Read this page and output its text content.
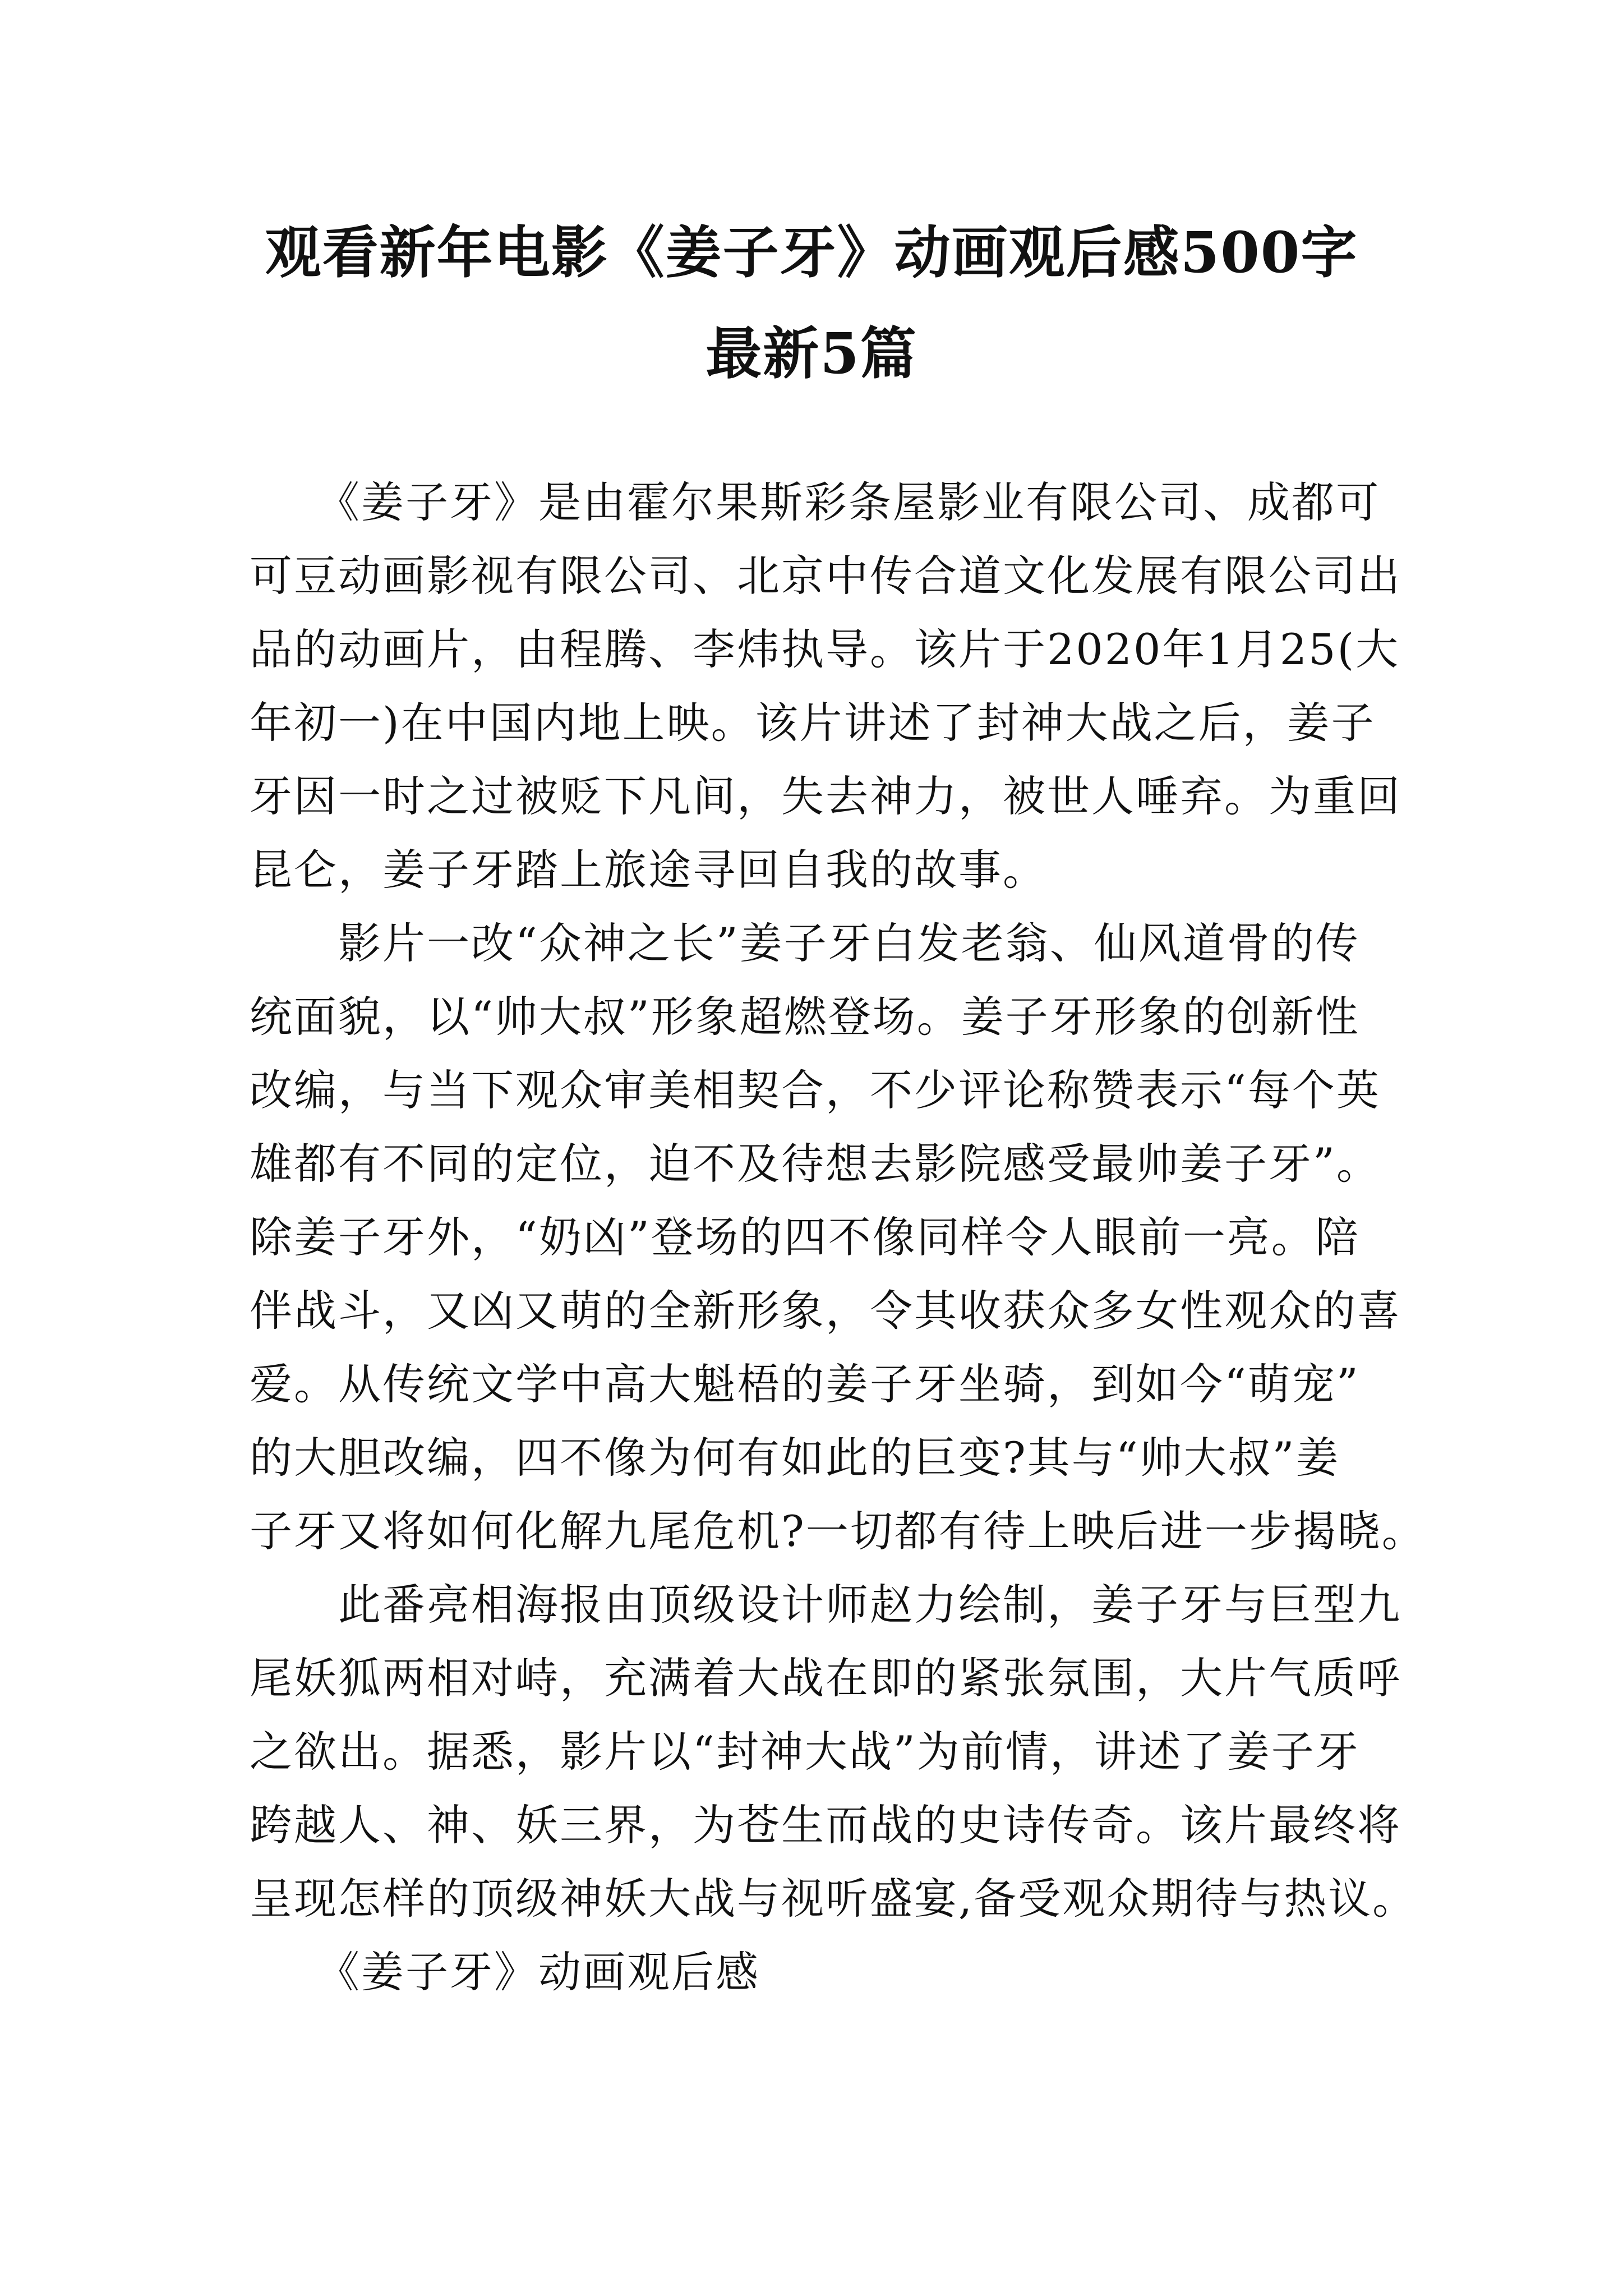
观看新年电影《姜子牙》动画观后感500字
最新5篇
　　《姜子牙》是由霍尔果斯彩条屋影业有限公司、成都可
可豆动画影视有限公司、北京中传合道文化发展有限公司出
品的动画片，由程腾、李炜执导。该片于2020年1月25(大
年初一)在中国内地上映。该片讲述了封神大战之后，姜子
牙因一时之过被贬下凡间，失去神力，被世人唾弃。为重回
昆仑，姜子牙踏上旅途寻回自我的故事。
　　影片一改“众神之长”姜子牙白发老翁、仙风道骨的传
统面貌，以“帅大叔”形象超燃登场。姜子牙形象的创新性
改编，与当下观众审美相契合，不少评论称赞表示“每个英
雄都有不同的定位，迫不及待想去影院感受最帅姜子牙”。
除姜子牙外，“奶凶”登场的四不像同样令人眼前一亮。陪
伴战斗，又凶又萌的全新形象，令其收获众多女性观众的喜
爱。从传统文学中高大魁梧的姜子牙坐骑，到如今“萌宠”
的大胆改编，四不像为何有如此的巨变?其与“帅大叔”姜
子牙又将如何化解九尾危机?一切都有待上映后进一步揭晓。
　　此番亮相海报由顶级设计师赵力绘制，姜子牙与巨型九
尾妖狐两相对峙，充满着大战在即的紧张氛围，大片气质呼
之欲出。据悉，影片以“封神大战”为前情，讲述了姜子牙
跨越人、神、妖三界，为苍生而战的史诗传奇。该片最终将
呈现怎样的顶级神妖大战与视听盛宴,备受观众期待与热议。
　　《姜子牙》动画观后感
